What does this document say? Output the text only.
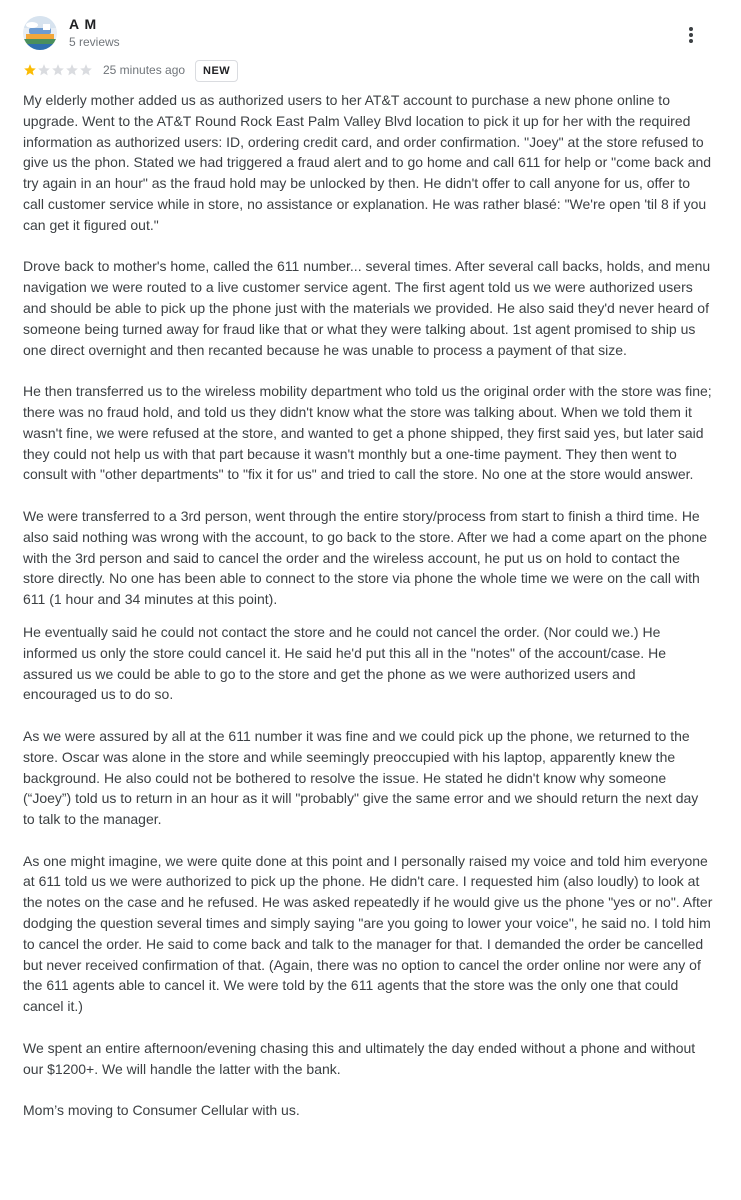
A M
5 reviews
25 minutes ago	NEW

My elderly mother added us as authorized users to her AT&T account to purchase a new phone online to upgrade. Went to the AT&T Round Rock East Palm Valley Blvd location to pick it up for her with the required information as authorized users: ID, ordering credit card, and order confirmation. "Joey" at the store refused to give us the phon. Stated we had triggered a fraud alert and to go home and call 611 for help or "come back and try again in an hour" as the fraud hold may be unlocked by then. He didn't offer to call anyone for us, offer to call customer service while in store, no assistance or explanation. He was rather blasé: "We're open 'til 8 if you can get it figured out."

Drove back to mother's home, called the 611 number... several times. After several call backs, holds, and menu navigation we were routed to a live customer service agent. The first agent told us we were authorized users and should be able to pick up the phone just with the materials we provided. He also said they'd never heard of someone being turned away for fraud like that or what they were talking about. 1st agent promised to ship us one direct overnight and then recanted because he was unable to process a payment of that size.

He then transferred us to the wireless mobility department who told us the original order with the store was fine; there was no fraud hold, and told us they didn't know what the store was talking about. When we told them it wasn't fine, we were refused at the store, and wanted to get a phone shipped, they first said yes, but later said they could not help us with that part because it wasn't monthly but a one-time payment. They then went to consult with "other departments" to "fix it for us" and tried to call the store. No one at the store would answer.

We were transferred to a 3rd person, went through the entire story/process from start to finish a third time. He also said nothing was wrong with the account, to go back to the store. After we had a come apart on the phone with the 3rd person and said to cancel the order and the wireless account, he put us on hold to contact the store directly. No one has been able to connect to the store via phone the whole time we were on the call with 611 (1 hour and 34 minutes at this point).

He eventually said he could not contact the store and he could not cancel the order. (Nor could we.) He informed us only the store could cancel it. He said he'd put this all in the "notes" of the account/case. He assured us we could be able to go to the store and get the phone as we were authorized users and encouraged us to do so.

As we were assured by all at the 611 number it was fine and we could pick up the phone, we returned to the store. Oscar was alone in the store and while seemingly preoccupied with his laptop, apparently knew the background. He also could not be bothered to resolve the issue. He stated he didn't know why someone (“Joey”) told us to return in an hour as it will "probably" give the same error and we should return the next day to talk to the manager.

As one might imagine, we were quite done at this point and I personally raised my voice and told him everyone at 611 told us we were authorized to pick up the phone. He didn't care. I requested him (also loudly) to look at the notes on the case and he refused. He was asked repeatedly if he would give us the phone "yes or no". After dodging the question several times and simply saying "are you going to lower your voice", he said no. I told him to cancel the order. He said to come back and talk to the manager for that. I demanded the order be cancelled but never received confirmation of that. (Again, there was no option to cancel the order online nor were any of the 611 agents able to cancel it. We were told by the 611 agents that the store was the only one that could cancel it.)

We spent an entire afternoon/evening chasing this and ultimately the day ended without a phone and without our $1200+. We will handle the latter with the bank.

Mom’s moving to Consumer Cellular with us.
